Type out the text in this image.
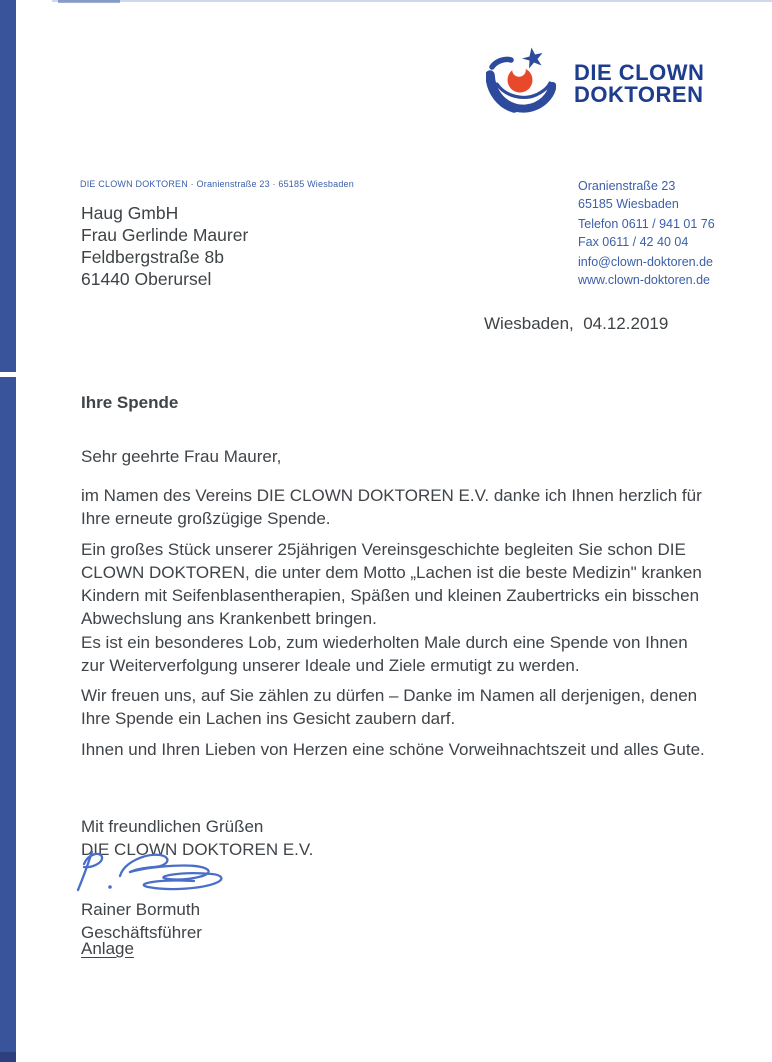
DIE CLOWN
DOKTOREN
DIE CLOWN DOKTOREN · Oranienstraße 23 · 65185 Wiesbaden
Haug GmbH
Frau Gerlinde Maurer
Feldbergstraße 8b
61440 Oberursel
Oranienstraße 23
65185 Wiesbaden
Telefon 0611 / 941 01 76
Fax 0611 / 42 40 04
info@clown-doktoren.de
www.clown-doktoren.de
Wiesbaden,  04.12.2019
Ihre Spende
Sehr geehrte Frau Maurer,
im Namen des Vereins DIE CLOWN DOKTOREN E.V. danke ich Ihnen herzlich für
Ihre erneute großzügige Spende.
Ein großes Stück unserer 25jährigen Vereinsgeschichte begleiten Sie schon DIE
CLOWN DOKTOREN, die unter dem Motto „Lachen ist die beste Medizin" kranken
Kindern mit Seifenblasentherapien, Späßen und kleinen Zaubertricks ein bisschen
Abwechslung ans Krankenbett bringen.
Es ist ein besonderes Lob, zum wiederholten Male durch eine Spende von Ihnen
zur Weiterverfolgung unserer Ideale und Ziele ermutigt zu werden.
Wir freuen uns, auf Sie zählen zu dürfen – Danke im Namen all derjenigen, denen
Ihre Spende ein Lachen ins Gesicht zaubern darf.
Ihnen und Ihren Lieben von Herzen eine schöne Vorweihnachtszeit und alles Gute.
Mit freundlichen Grüßen
DIE CLOWN DOKTOREN E.V.
Rainer Bormuth
Geschäftsführer
Anlage
